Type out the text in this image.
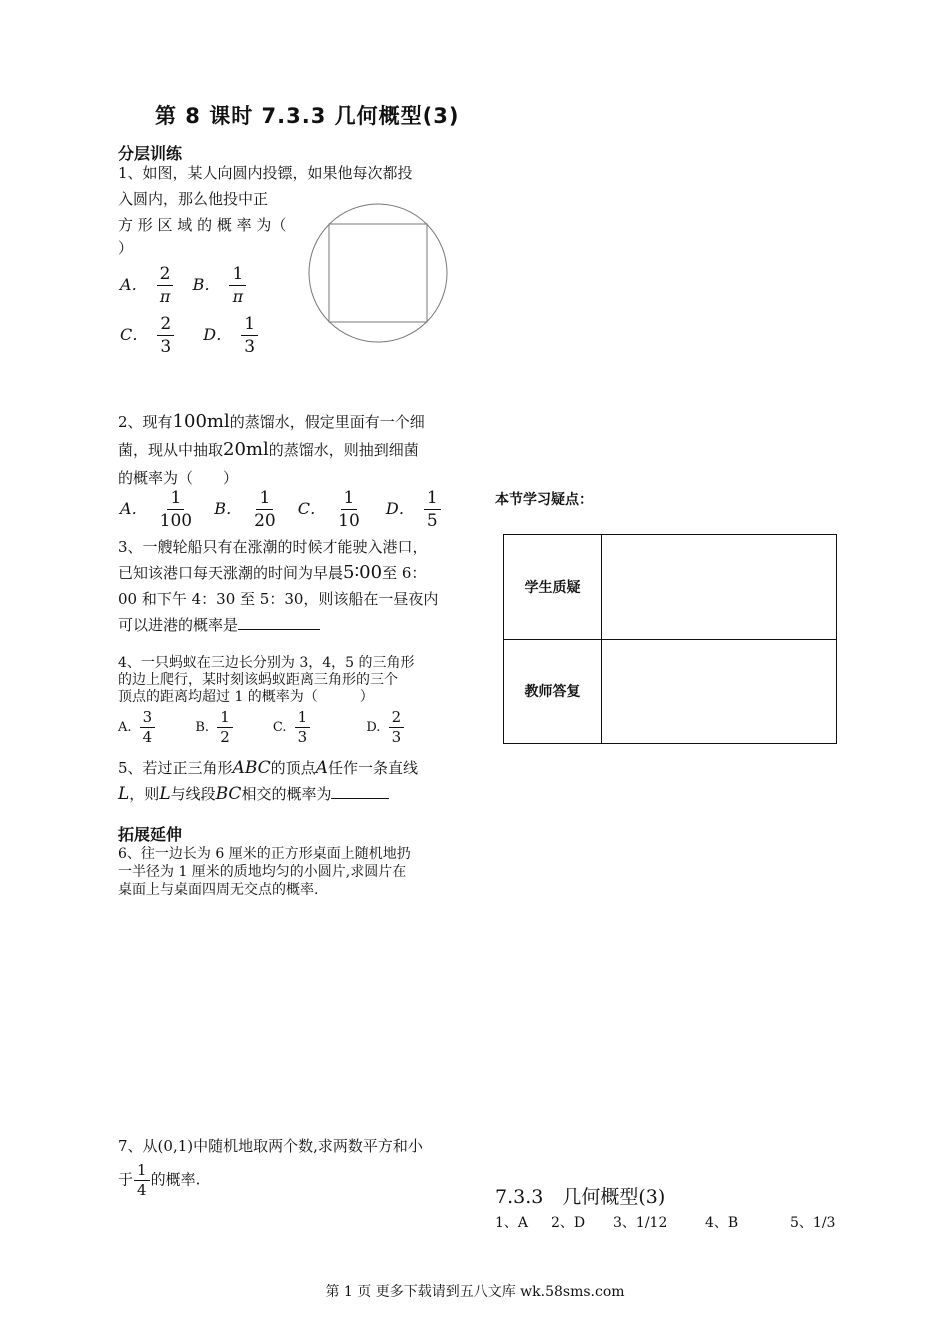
第 8 课时 7.3.3 几何概型(3)
分层训练
1、如图，某人向圆内投镖，如果他每次都投
入圆内，那么他投中正
方 形 区 域 的 概 率 为（
）
A． $\frac{2}{\pi}$ B． $\frac{1}{\pi}$
C． $\frac{2}{3}$ D． $\frac{1}{3}$
2、现有100ml的蒸馏水，假定里面有一个细
菌，现从中抽取20ml的蒸馏水，则抽到细菌
的概率为（　　）
A． $\frac{1}{100}$ B． $\frac{1}{20}$ C． $\frac{1}{10}$ D． $\frac{1}{5}$
3、一艘轮船只有在涨潮的时候才能驶入港口，
已知该港口每天涨潮的时间为早晨5∶00至 6：
00 和下午 4：30 至 5：30，则该船在一昼夜内
可以进港的概率是
4、一只蚂蚁在三边长分别为 3，4，5 的三角形
的边上爬行，某时刻该蚂蚁距离三角形的三个
顶点的距离均超过 1 的概率为（　　　）
A. $\frac{3}{4}$	B. $\frac{1}{2}$	C. $\frac{1}{3}$	D. $\frac{2}{3}$
5、若过正三角形ABC的顶点A任作一条直线
L，则L与线段BC相交的概率为
拓展延伸
6、往一边长为 6 厘米的正方形桌面上随机地扔
一半径为 1 厘米的质地均匀的小圆片,求圆片在
桌面上与桌面四周无交点的概率.
7、从(0,1)中随机地取两个数,求两数平方和小
于 $\frac{1}{4}$ 的概率.
本节学习疑点：
学生质疑	
教师答复	
7.3.3　几何概型(3)
1、A 2、D 3、1/12	4、B	5、1/3
第 1 页 更多下载请到五八文库 wk.58sms.com
